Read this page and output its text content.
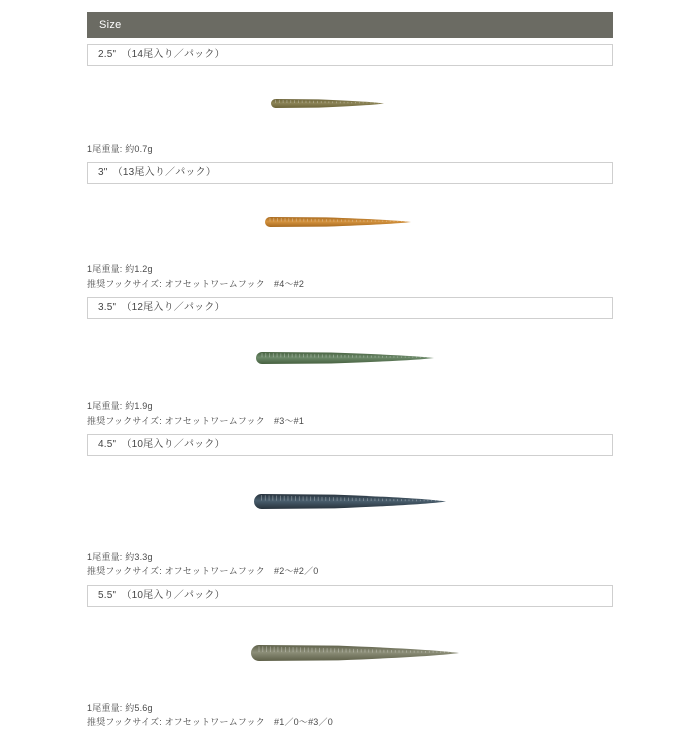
Size
2.5"　（14尾入り／パック）
1尾重量: 約0.7g
3"　（13尾入り／パック）
1尾重量: 約1.2g
推奨フックサイズ: オフセットワームフック　#4〜#2
3.5"　（12尾入り／パック）
1尾重量: 約1.9g
推奨フックサイズ: オフセットワームフック　#3〜#1
4.5"　（10尾入り／パック）
1尾重量: 約3.3g
推奨フックサイズ: オフセットワームフック　#2〜#2／0
5.5"　（10尾入り／パック）
1尾重量: 約5.6g
推奨フックサイズ: オフセットワームフック　#1／0〜#3／0
